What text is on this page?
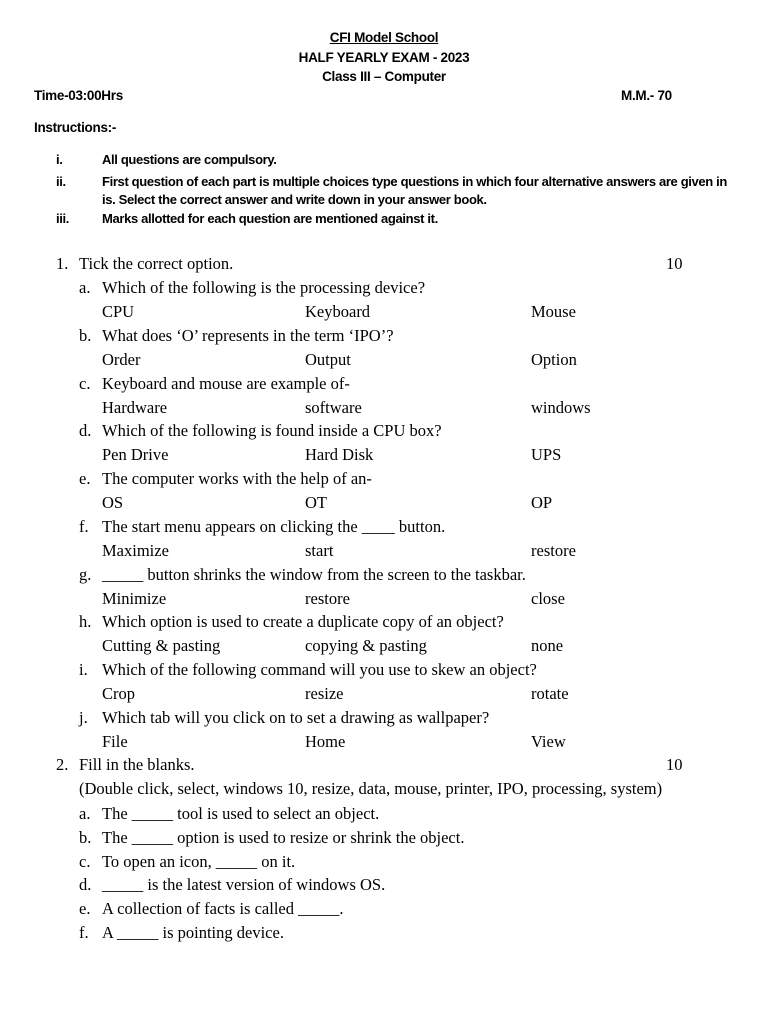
CFI Model School
HALF YEARLY EXAM - 2023
Class III – Computer
Time-03:00Hrs	M.M.- 70
Instructions:-
i.	All questions are compulsory.
ii.	First question of each part is multiple choices type questions in which four alternative answers are given in is. Select the correct answer and write down in your answer book.
iii.	Marks allotted for each question are mentioned against it.
1. Tick the correct option.	10
a. Which of the following is the processing device?
CPU	Keyboard	Mouse
b. What does ‘O’ represents in the term ‘IPO’?
Order	Output	Option
c. Keyboard and mouse are example of-
Hardware	software	windows
d. Which of the following is found inside a CPU box?
Pen Drive	Hard Disk	UPS
e. The computer works with the help of an-
OS	OT	OP
f. The start menu appears on clicking the ____ button.
Maximize	start	restore
g. _____ button shrinks the window from the screen to the taskbar.
Minimize	restore	close
h. Which option is used to create a duplicate copy of an object?
Cutting & pasting	copying & pasting	none
i. Which of the following command will you use to skew an object?
Crop	resize	rotate
j. Which tab will you click on to set a drawing as wallpaper?
File	Home	View
2. Fill in the blanks.	10
(Double click, select, windows 10, resize, data, mouse, printer, IPO, processing, system)
a. The _____ tool is used to select an object.
b. The _____ option is used to resize or shrink the object.
c. To open an icon, _____ on it.
d. _____ is the latest version of windows OS.
e. A collection of facts is called _____.
f. A _____ is pointing device.
